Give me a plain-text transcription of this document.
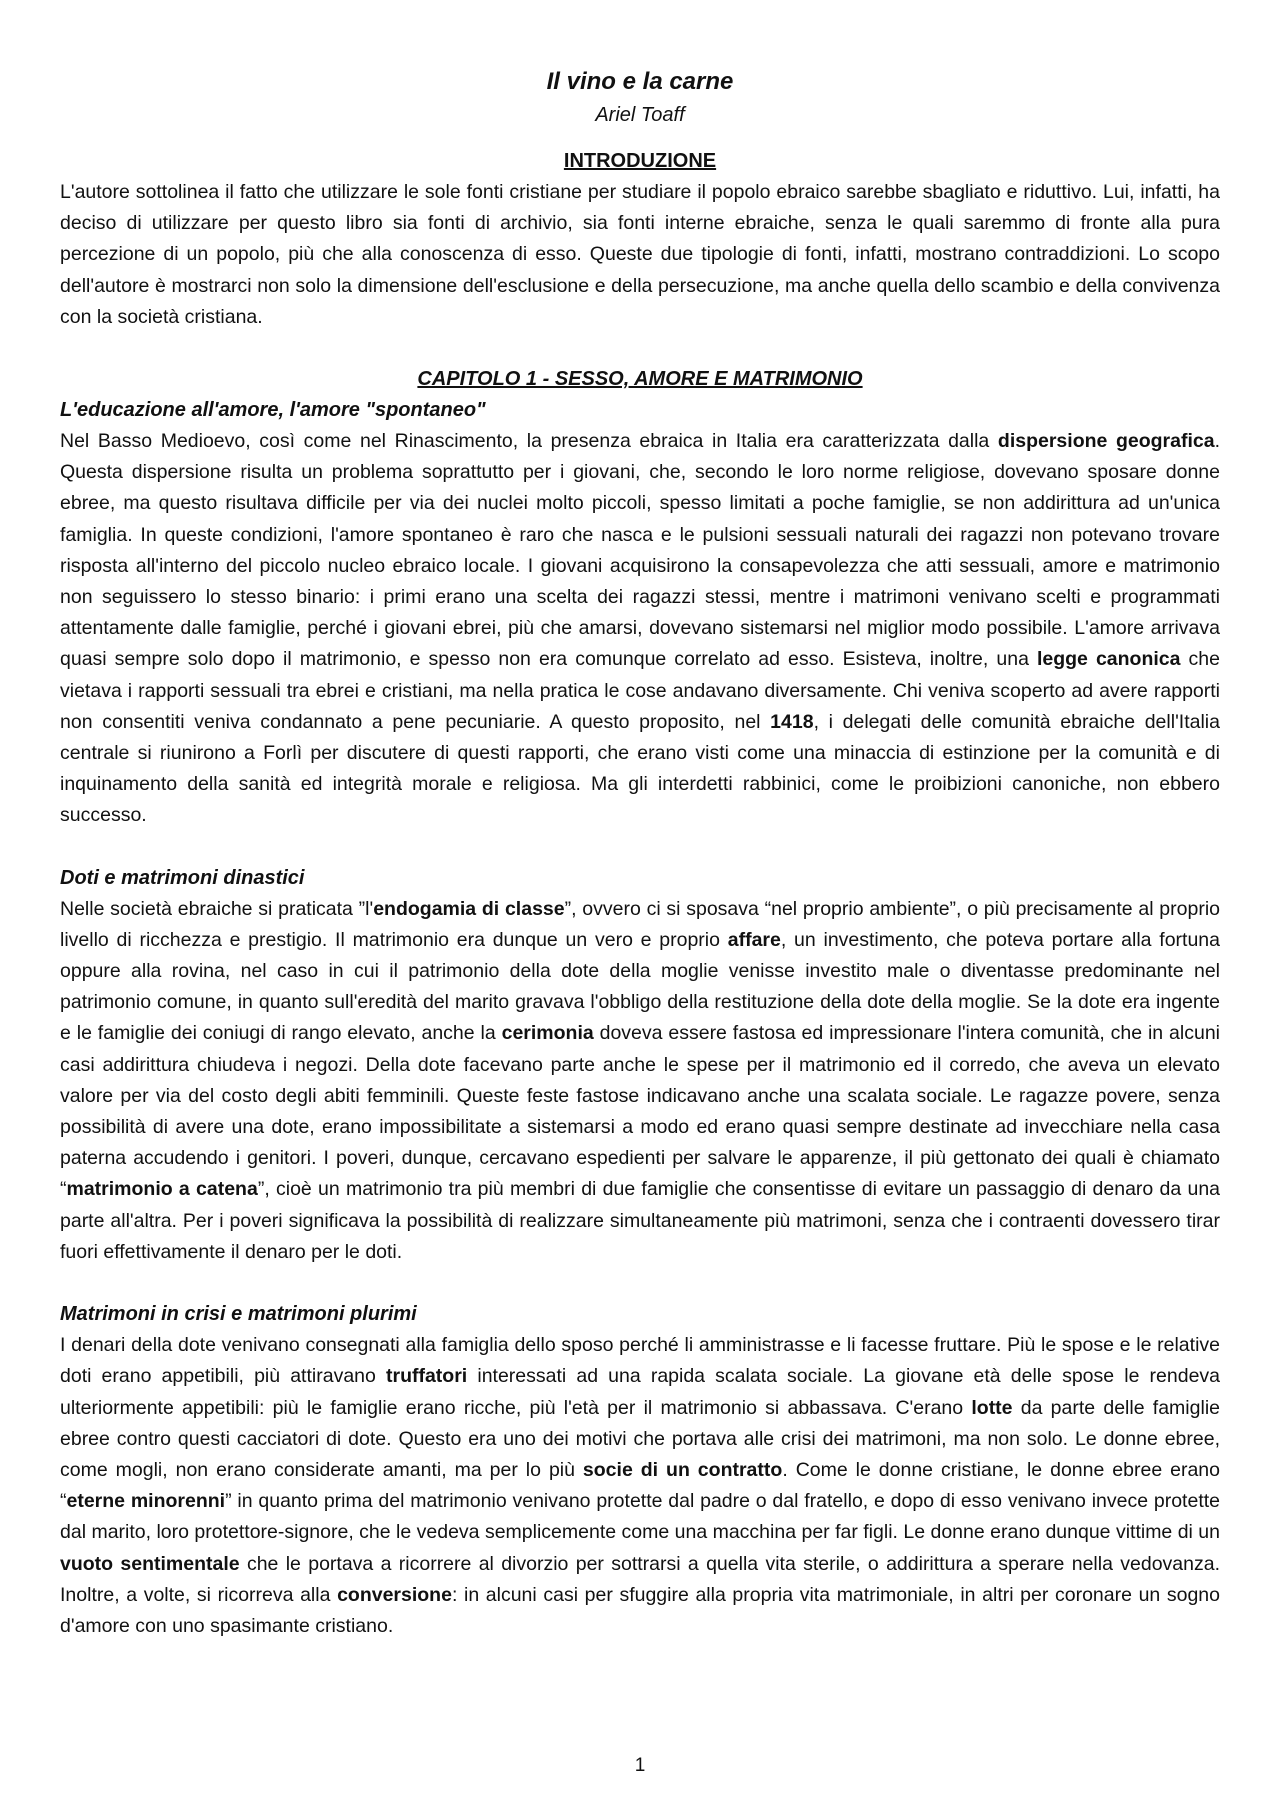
Il vino e la carne
Ariel Toaff
INTRODUZIONE

L'autore sottolinea il fatto che utilizzare le sole fonti cristiane per studiare il popolo ebraico sarebbe sbagliato e riduttivo. Lui, infatti, ha deciso di utilizzare per questo libro sia fonti di archivio, sia fonti interne ebraiche, senza le quali saremmo di fronte alla pura percezione di un popolo, più che alla conoscenza di esso. Queste due tipologie di fonti, infatti, mostrano contraddizioni. Lo scopo dell'autore è mostrarci non solo la dimensione dell'esclusione e della persecuzione, ma anche quella dello scambio e della convivenza con la società cristiana.

CAPITOLO 1 - SESSO, AMORE E MATRIMONIO
L'educazione all'amore, l'amore "spontaneo"

Nel Basso Medioevo, così come nel Rinascimento, la presenza ebraica in Italia era caratterizzata dalla dispersione geografica. Questa dispersione risulta un problema soprattutto per i giovani, che, secondo le loro norme religiose, dovevano sposare donne ebree, ma questo risultava difficile per via dei nuclei molto piccoli, spesso limitati a poche famiglie, se non addirittura ad un'unica famiglia. In queste condizioni, l'amore spontaneo è raro che nasca e le pulsioni sessuali naturali dei ragazzi non potevano trovare risposta all'interno del piccolo nucleo ebraico locale. I giovani acquisirono la consapevolezza che atti sessuali, amore e matrimonio non seguissero lo stesso binario: i primi erano una scelta dei ragazzi stessi, mentre i matrimoni venivano scelti e programmati attentamente dalle famiglie, perché i giovani ebrei, più che amarsi, dovevano sistemarsi nel miglior modo possibile. L'amore arrivava quasi sempre solo dopo il matrimonio, e spesso non era comunque correlato ad esso. Esisteva, inoltre, una legge canonica che vietava i rapporti sessuali tra ebrei e cristiani, ma nella pratica le cose andavano diversamente. Chi veniva scoperto ad avere rapporti non consentiti veniva condannato a pene pecuniarie. A questo proposito, nel 1418, i delegati delle comunità ebraiche dell'Italia centrale si riunirono a Forlì per discutere di questi rapporti, che erano visti come una minaccia di estinzione per la comunità e di inquinamento della sanità ed integrità morale e religiosa. Ma gli interdetti rabbinici, come le proibizioni canoniche, non ebbero successo.

Doti e matrimoni dinastici

Nelle società ebraiche si praticata ”l'endogamia di classe”, ovvero ci si sposava “nel proprio ambiente”, o più precisamente al proprio livello di ricchezza e prestigio. Il matrimonio era dunque un vero e proprio affare, un investimento, che poteva portare alla fortuna oppure alla rovina, nel caso in cui il patrimonio della dote della moglie venisse investito male o diventasse predominante nel patrimonio comune, in quanto sull'eredità del marito gravava l'obbligo della restituzione della dote della moglie. Se la dote era ingente e le famiglie dei coniugi di rango elevato, anche la cerimonia doveva essere fastosa ed impressionare l'intera comunità, che in alcuni casi addirittura chiudeva i negozi. Della dote facevano parte anche le spese per il matrimonio ed il corredo, che aveva un elevato valore per via del costo degli abiti femminili. Queste feste fastose indicavano anche una scalata sociale. Le ragazze povere, senza possibilità di avere una dote, erano impossibilitate a sistemarsi a modo ed erano quasi sempre destinate ad invecchiare nella casa paterna accudendo i genitori. I poveri, dunque, cercavano espedienti per salvare le apparenze, il più gettonato dei quali è chiamato “matrimonio a catena”, cioè un matrimonio tra più membri di due famiglie che consentisse di evitare un passaggio di denaro da una parte all'altra. Per i poveri significava la possibilità di realizzare simultaneamente più matrimoni, senza che i contraenti dovessero tirar fuori effettivamente il denaro per le doti.

Matrimoni in crisi e matrimoni plurimi

I denari della dote venivano consegnati alla famiglia dello sposo perché li amministrasse e li facesse fruttare. Più le spose e le relative doti erano appetibili, più attiravano truffatori interessati ad una rapida scalata sociale. La giovane età delle spose le rendeva ulteriormente appetibili: più le famiglie erano ricche, più l'età per il matrimonio si abbassava. C'erano lotte da parte delle famiglie ebree contro questi cacciatori di dote. Questo era uno dei motivi che portava alle crisi dei matrimoni, ma non solo. Le donne ebree, come mogli, non erano considerate amanti, ma per lo più socie di un contratto. Come le donne cristiane, le donne ebree erano “eterne minorenni” in quanto prima del matrimonio venivano protette dal padre o dal fratello, e dopo di esso venivano invece protette dal marito, loro protettore-signore, che le vedeva semplicemente come una macchina per far figli. Le donne erano dunque vittime di un vuoto sentimentale che le portava a ricorrere al divorzio per sottrarsi a quella vita sterile, o addirittura a sperare nella vedovanza. Inoltre, a volte, si ricorreva alla conversione: in alcuni casi per sfuggire alla propria vita matrimoniale, in altri per coronare un sogno d'amore con uno spasimante cristiano.

1
